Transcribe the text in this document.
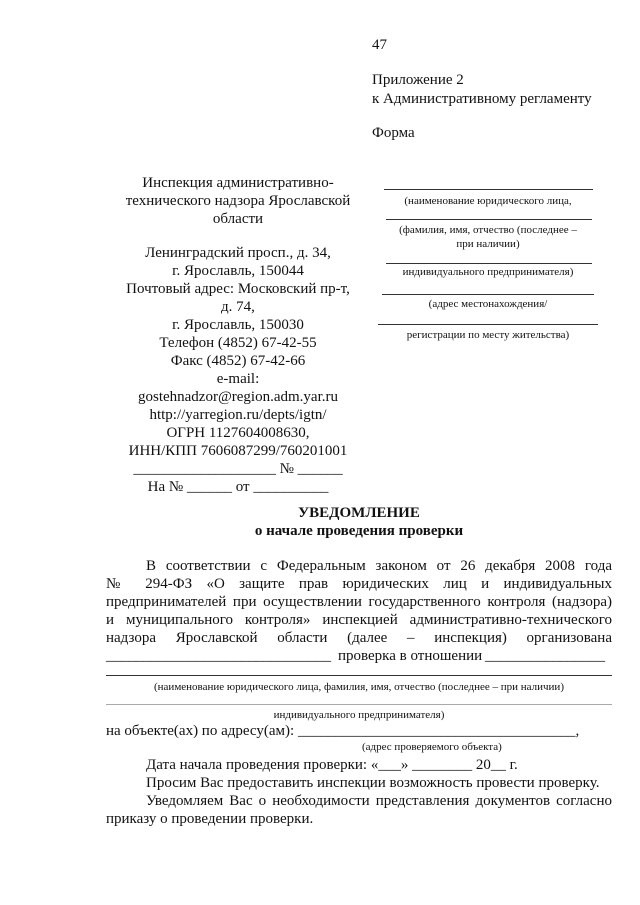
47
Приложение 2
к Административному регламенту
Форма
Инспекция административно-
технического надзора Ярославской
области
Ленинградский просп., д. 34,
г. Ярославль, 150044
Почтовый адрес: Московский пр-т,
д. 74,
г. Ярославль, 150030
Телефон (4852) 67-42-55
Факс (4852) 67-42-66
e-mail:
gostehnadzor@region.adm.yar.ru
http://yarregion.ru/depts/igtn/
ОГРН 1127604008630,
ИНН/КПП 7606087299/760201001
___________________ № ______
На № ______ от __________
(наименование юридического лица,
(фамилия, имя, отчество (последнее –
при наличии)
индивидуального предпринимателя)
(адрес местонахождения/
регистрации по месту жительства)
УВЕДОМЛЕНИЕ
о начале проведения проверки
В соответствии с Федеральным законом от 26 декабря 2008 года
№ 294-ФЗ «О защите прав юридических лиц и индивидуальных
предпринимателей при осуществлении государственного контроля (надзора)
и муниципального контроля» инспекцией административно-технического
надзора Ярославской области (далее – инспекция) организована
______________________________ проверка в отношении ________________
(наименование юридического лица, фамилия, имя, отчество (последнее – при наличии)
индивидуального предпринимателя)
на объекте(ах) по адресу(ам): _____________________________________,
(адрес проверяемого объекта)
Дата начала проведения проверки: «___» ________ 20__ г.
Просим Вас предоставить инспекции возможность провести проверку.
Уведомляем Вас о необходимости представления документов согласно
приказу о проведении проверки.
